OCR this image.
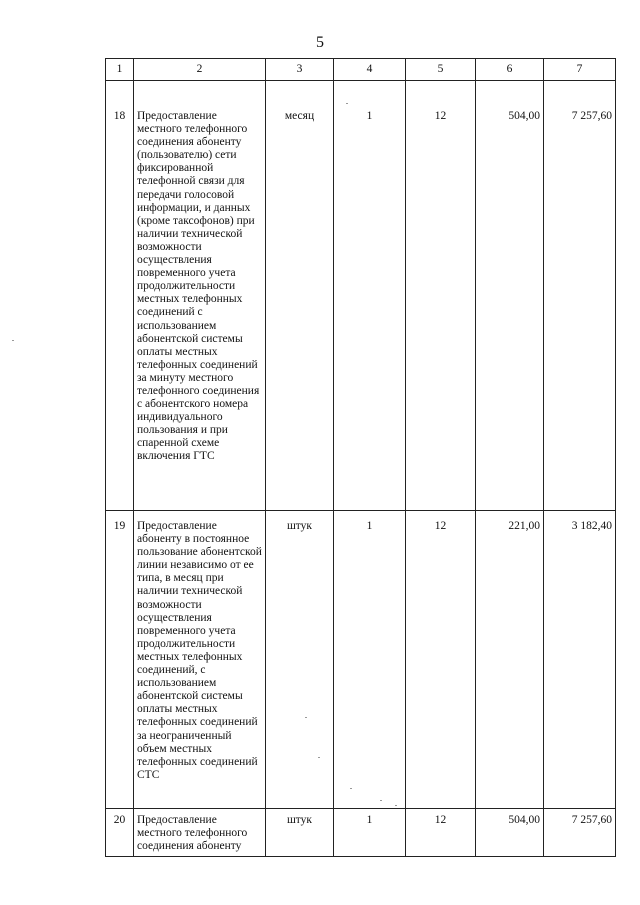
5
1	2	3	4	5	6	7
18	Предоставление местного телефонного соединения абоненту (пользователю) сети фиксированной телефонной связи для передачи голосовой информации, и данных (кроме таксофонов) при наличии технической возможности осуществления повременного учета продолжительности местных телефонных соединений с использованием абонентской системы оплаты местных телефонных соединений за минуту местного телефонного соединения с абонентского номера индивидуального пользования и при спаренной схеме включения ГТС	месяц	1	12	504,00	7 257,60
19	Предоставление абоненту в постоянное пользование абонентской линии независимо от ее типа, в месяц при наличии технической возможности осуществления повременного учета продолжительности местных телефонных соединений, с использованием абонентской системы оплаты местных телефонных соединений за неограниченный объем местных телефонных соединений СТС	штук	1	12	221,00	3 182,40
20	Предоставление местного телефонного соединения абоненту	штук	1	12	504,00	7 257,60
